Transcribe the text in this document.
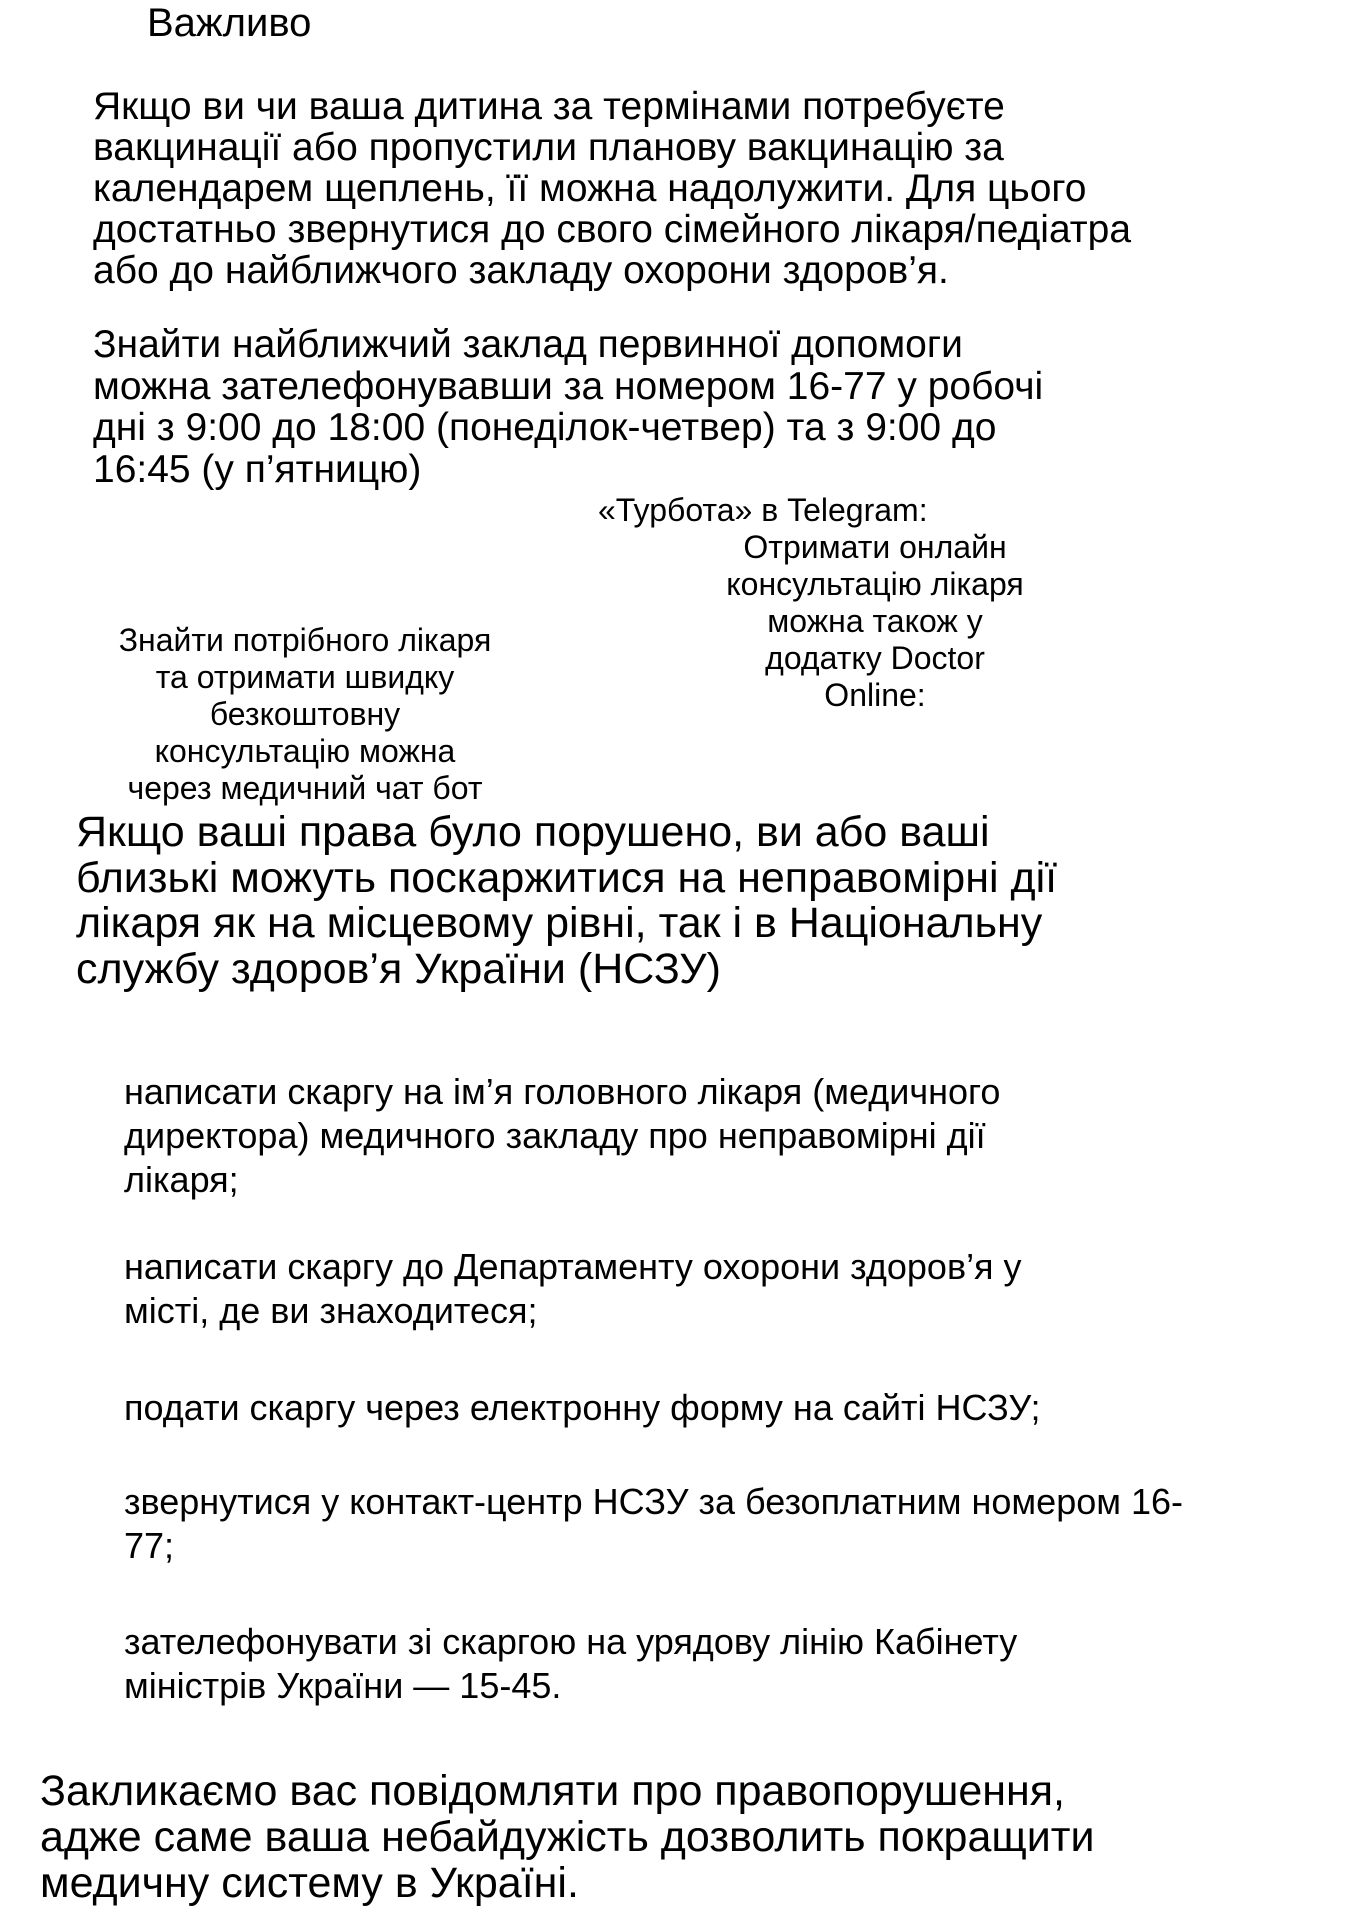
Важливо
Якщо ви чи ваша дитина за термінами потребуєте
вакцинації або пропустили планову вакцинацію за
календарем щеплень, її можна надолужити. Для цього
достатньо звернутися до свого сімейного лікаря/педіатра
або до найближчого закладу охорони здоров’я.
Знайти найближчий заклад первинної допомоги
можна зателефонувавши за номером 16-77 у робочі
дні з 9:00 до 18:00 (понеділок-четвер) та з 9:00 до
16:45 (у п’ятницю)
«Турбота» в Telegram:
Отримати онлайн
консультацію лікаря
можна також у
додатку Doctor
Online:
Знайти потрібного лікаря
та отримати швидку
безкоштовну
консультацію можна
через медичний чат бот
Якщо ваші права було порушено, ви або ваші
близькі можуть поскаржитися на неправомірні дії
лікаря як на місцевому рівні, так і в Національну
службу здоров’я України (НСЗУ)
написати скаргу на ім’я головного лікаря (медичного
директора) медичного закладу про неправомірні дії
лікаря;
написати скаргу до Департаменту охорони здоров’я у
місті, де ви знаходитеся;
подати скаргу через електронну форму на сайті НСЗУ;
звернутися у контакт-центр НСЗУ за безоплатним номером 16-
77;
зателефонувати зі скаргою на урядову лінію Кабінету
міністрів України — 15-45.
Закликаємо вас повідомляти про правопорушення,
адже саме ваша небайдужість дозволить покращити
медичну систему в Україні.
